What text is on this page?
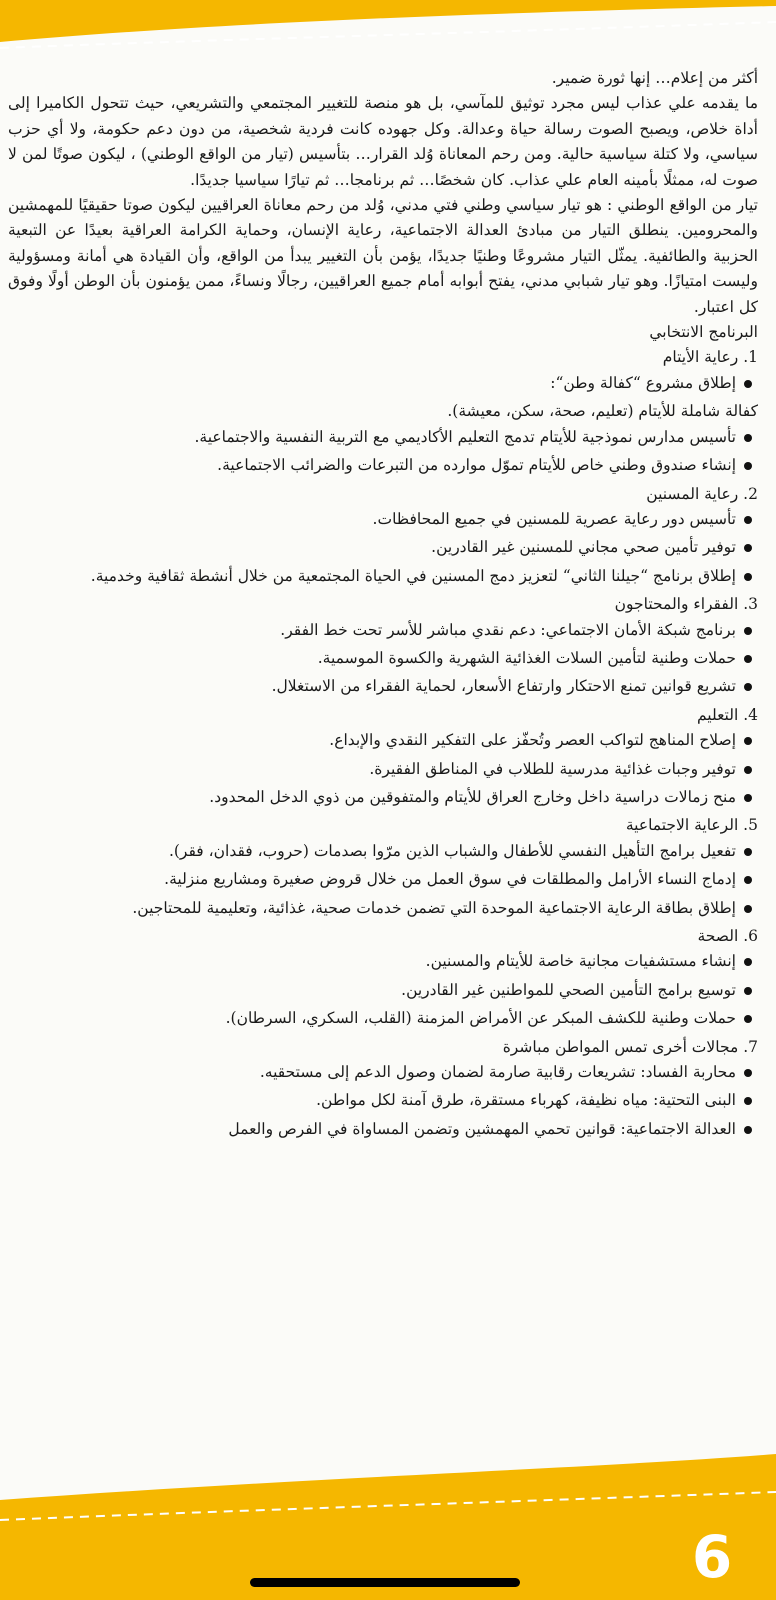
أكثر من إعلام… إنها ثورة ضمير.

ما يقدمه علي عذاب ليس مجرد توثيق للمآسي، بل هو منصة للتغيير المجتمعي والتشريعي، حيث تتحول الكاميرا إلى أداة خلاص، ويصبح الصوت رسالة حياة وعدالة. وكل جهوده كانت فردية شخصية، من دون دعم حكومة، ولا أي حزب سياسي، ولا كتلة سياسية حالية. ومن رحم المعاناة وُلد القرار… بتأسيس (تيار من الواقع الوطني) ، ليكون صوتًا لمن لا صوت له، ممثلًا بأمينه العام علي عذاب. كان شخصًا… ثم برنامجا… ثم تيارًا سياسيا جديدًا.

تيار من الواقع الوطني : هو تيار سياسي وطني فتي مدني، وُلد من رحم معاناة العراقيين ليكون صوتا حقيقيًا للمهمشين والمحرومين. ينطلق التيار من مبادئ العدالة الاجتماعية، رعاية الإنسان، وحماية الكرامة العراقية بعيدًا عن التبعية الحزبية والطائفية. يمثّل التيار مشروعًا وطنيًا جديدًا، يؤمن بأن التغيير يبدأ من الواقع، وأن القيادة هي أمانة ومسؤولية وليست امتيازًا. وهو تيار شبابي مدني، يفتح أبوابه أمام جميع العراقيين، رجالًا ونساءً، ممن يؤمنون بأن الوطن أولًا وفوق كل اعتبار.

البرنامج الانتخابي

1. رعاية الأيتام

إطلاق مشروع “كفالة وطن“:

كفالة شاملة للأيتام (تعليم، صحة، سكن، معيشة).

تأسيس مدارس نموذجية للأيتام تدمج التعليم الأكاديمي مع التربية النفسية والاجتماعية.
إنشاء صندوق وطني خاص للأيتام تموّل موارده من التبرعات والضرائب الاجتماعية.

2. رعاية المسنين

تأسيس دور رعاية عصرية للمسنين في جميع المحافظات.
توفير تأمين صحي مجاني للمسنين غير القادرين.
إطلاق برنامج “جيلنا الثاني“ لتعزيز دمج المسنين في الحياة المجتمعية من خلال أنشطة ثقافية وخدمية.

3. الفقراء والمحتاجون

برنامج شبكة الأمان الاجتماعي: دعم نقدي مباشر للأسر تحت خط الفقر.
حملات وطنية لتأمين السلات الغذائية الشهرية والكسوة الموسمية.
تشريع قوانين تمنع الاحتكار وارتفاع الأسعار، لحماية الفقراء من الاستغلال.

4. التعليم

إصلاح المناهج لتواكب العصر وتُحفّز على التفكير النقدي والإبداع.
توفير وجبات غذائية مدرسية للطلاب في المناطق الفقيرة.
منح زمالات دراسية داخل وخارج العراق للأيتام والمتفوقين من ذوي الدخل المحدود.

5. الرعاية الاجتماعية

تفعيل برامج التأهيل النفسي للأطفال والشباب الذين مرّوا بصدمات (حروب، فقدان، فقر).
إدماج النساء الأرامل والمطلقات في سوق العمل من خلال قروض صغيرة ومشاريع منزلية.
إطلاق بطاقة الرعاية الاجتماعية الموحدة التي تضمن خدمات صحية، غذائية، وتعليمية للمحتاجين.

6. الصحة

إنشاء مستشفيات مجانية خاصة للأيتام والمسنين.
توسيع برامج التأمين الصحي للمواطنين غير القادرين.
حملات وطنية للكشف المبكر عن الأمراض المزمنة (القلب، السكري، السرطان).

7. مجالات أخرى تمس المواطن مباشرة

محاربة الفساد: تشريعات رقابية صارمة لضمان وصول الدعم إلى مستحقيه.
البنى التحتية: مياه نظيفة، كهرباء مستقرة، طرق آمنة لكل مواطن.
العدالة الاجتماعية: قوانين تحمي المهمشين وتضمن المساواة في الفرص والعمل
6
